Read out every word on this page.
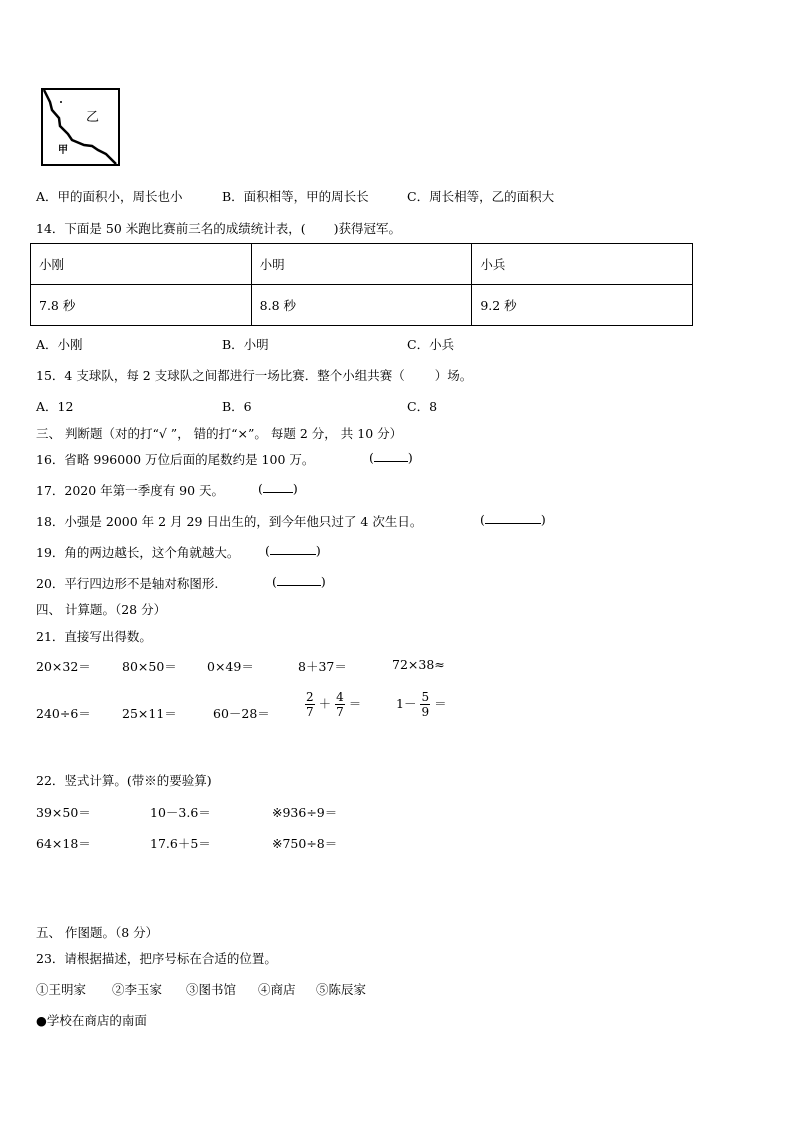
乙
甲
A．甲的面积小，周长也小	B．面积相等，甲的周长长	C．周长相等，乙的面积大
14．下面是 50 米跑比赛前三名的成绩统计表，( )获得冠军。
小刚	小明	小兵
7.8 秒	8.8 秒	9.2 秒
A．小刚	B．小明	C．小兵
15．4 支球队，每 2 支球队之间都进行一场比赛．整个小组共赛（ ）场。
A．12	B．6	C．8
三、 判断题（对的打“√ ”， 错的打“×”。 每题 2 分， 共 10 分）
16．省略 996000 万位后面的尾数约是 100 万。	(	)
17．2020 年第一季度有 90 天。	( )
18．小强是 2000 年 2 月 29 日出生的，到今年他只过了 4 次生日。	(	)
19．角的两边越长，这个角就越大。 (	)
20．平行四边形不是轴对称图形.	(	)
四、 计算题。（28 分）
21．直接写出得数。
20×32＝ 80×50＝ 0×49＝	8＋37＝	72×38≈
240÷6＝ 25×11＝	60－28＝	$\frac{2}{7} + \frac{4}{7}$ ＝	$1- \frac{5}{9}$ ＝
22．竖式计算。(带※的要验算)
39×50＝	10－3.6＝	※936÷9＝
64×18＝	17.6＋5＝	※750÷8＝
五、 作图题。（8 分）
23．请根据描述，把序号标在合适的位置。
①王明家 ②李玉家 ③图书馆 ④商店 ⑤陈辰家
●学校在商店的南面
